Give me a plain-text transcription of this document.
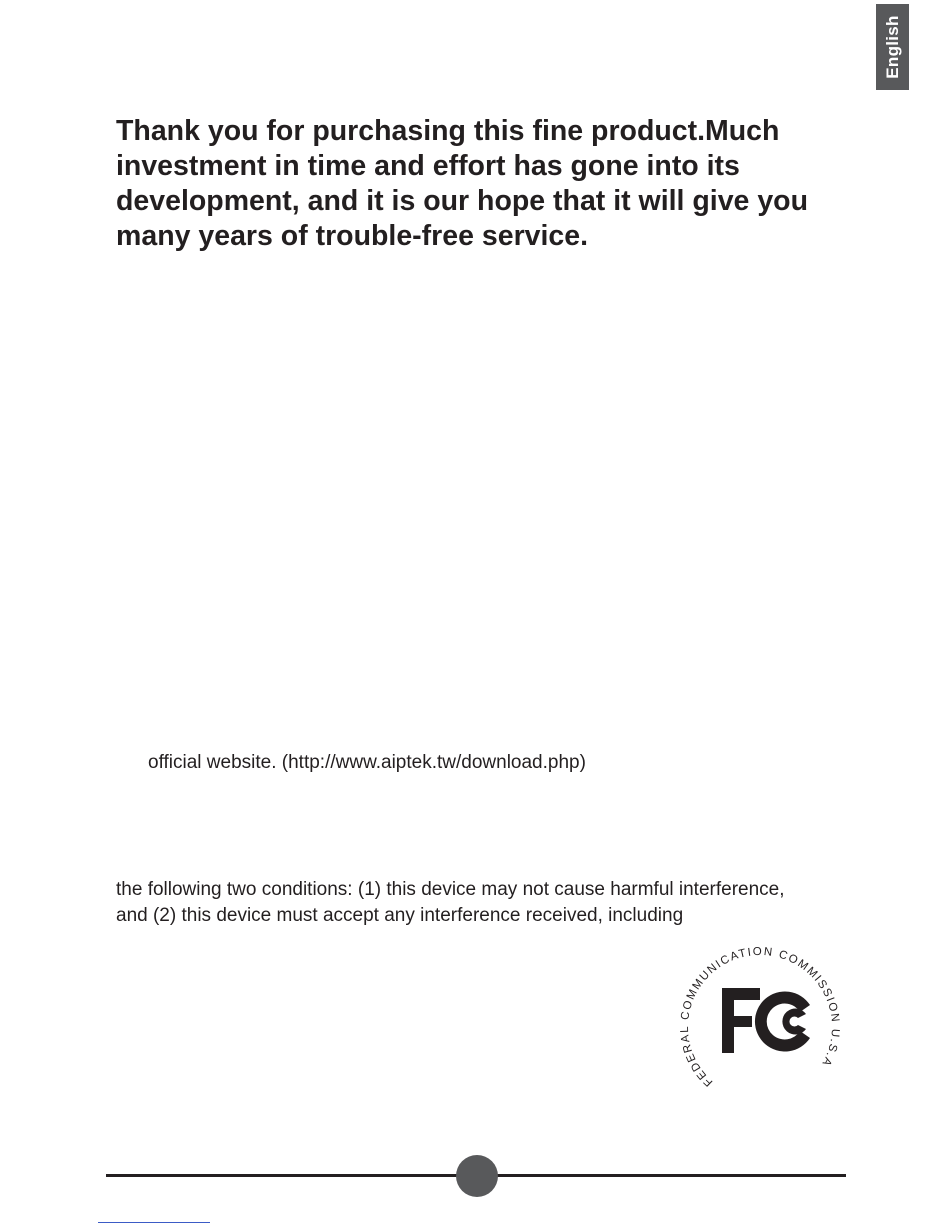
English
Thank you for purchasing this fine product.Much
investment in time and effort has gone into its
development, and it is our hope that it will give you
many years of trouble-free service.
official website. (http://www.aiptek.tw/download.php)
the following two conditions: (1) this device may not cause harmful interference,
and (2) this device must accept any interference received, including
FEDERAL COMMUNICATION COMMISSION U.S.A
